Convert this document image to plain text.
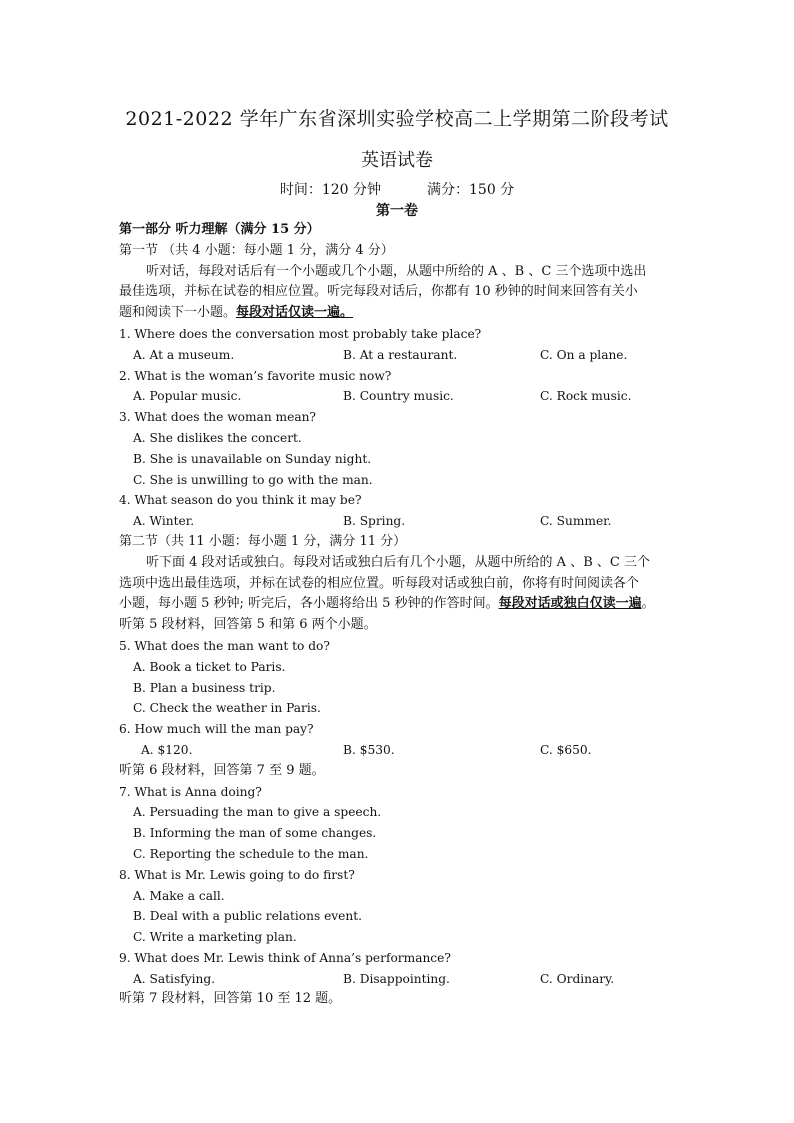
2021-2022 学年广东省深圳实验学校高二上学期第二阶段考试
英语试卷
时间：120 分钟	满分：150 分
第一卷
第一部分 听力理解（满分 15 分）
第一节 （共 4 小题：每小题 1 分，满分 4 分）
听对话，每段对话后有一个小题或几个小题，从题中所给的 A 、B 、C 三个选项中选出
最佳选项，并标在试卷的相应位置。听完每段对话后，你都有 10 秒钟的时间来回答有关小
题和阅读下一小题。每段对话仅读一遍。
1. Where does the conversation most probably take place?
A. At a museum.	B. At a restaurant.	C. On a plane.
2. What is the woman’s favorite music now?
A. Popular music.	B. Country music.	C. Rock music.
3. What does the woman mean?
A. She dislikes the concert.
B. She is unavailable on Sunday night.
C. She is unwilling to go with the man.
4. What season do you think it may be?
A. Winter.	B. Spring.	C. Summer.
第二节（共 11 小题：每小题 1 分，满分 11 分）
听下面 4 段对话或独白。每段对话或独白后有几个小题，从题中所给的 A 、B 、C 三个
选项中选出最佳选项，并标在试卷的相应位置。听每段对话或独白前，你将有时间阅读各个
小题，每小题 5 秒钟; 听完后，各小题将给出 5 秒钟的作答时间。每段对话或独白仅读一遍。
听第 5 段材料，回答第 5 和第 6 两个小题。
5. What does the man want to do?
A. Book a ticket to Paris.
B. Plan a business trip.
C. Check the weather in Paris.
6. How much will the man pay?
A. $120.	B. $530.	C. $650.
听第 6 段材料，回答第 7 至 9 题。
7. What is Anna doing?
A. Persuading the man to give a speech.
B. Informing the man of some changes.
C. Reporting the schedule to the man.
8. What is Mr. Lewis going to do first?
A. Make a call.
B. Deal with a public relations event.
C. Write a marketing plan.
9. What does Mr. Lewis think of Anna’s performance?
A. Satisfying.	B. Disappointing.	C. Ordinary.
听第 7 段材料，回答第 10 至 12 题。
